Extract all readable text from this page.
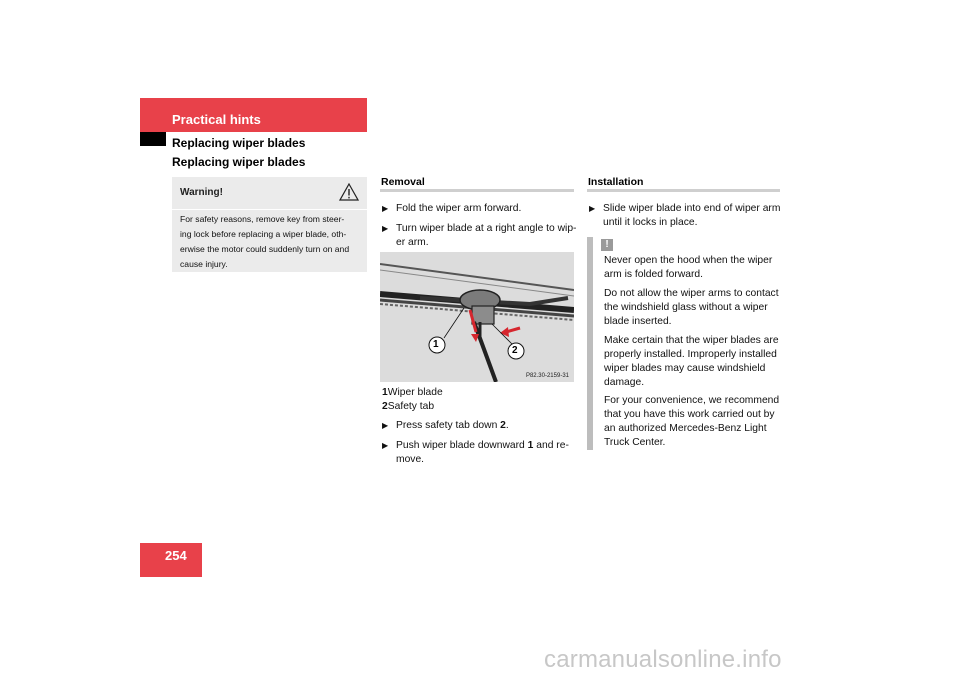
Practical hints
Replacing wiper blades
Replacing wiper blades
Warning!
For safety reasons, remove key from steer-
ing lock before replacing a wiper blade, oth-
erwise the motor could suddenly turn on and
cause injury.
Removal
▶ Fold the wiper arm forward.
▶ Turn wiper blade at a right angle to wip-
er arm.
1
2
P82.30-2159-31
1Wiper blade
2Safety tab
▶ Press safety tab down 2.
▶ Push wiper blade downward 1 and re-
move.
Installation
▶ Slide wiper blade into end of wiper arm
until it locks in place.
!
Never open the hood when the wiper
arm is folded forward.
Do not allow the wiper arms to contact
the windshield glass without a wiper
blade inserted.
Make certain that the wiper blades are
properly installed. Improperly installed
wiper blades may cause windshield
damage.
For your convenience, we recommend
that you have this work carried out by
an authorized Mercedes-Benz Light
Truck Center.
254
carmanualsonline.info
